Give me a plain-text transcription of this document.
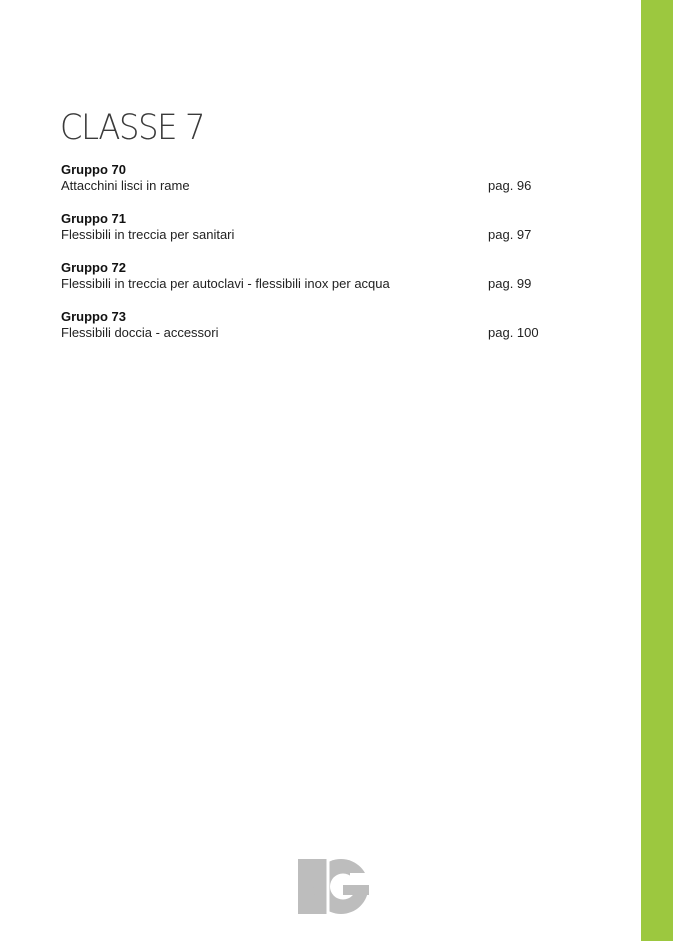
CLASSE 7
Gruppo 70
Attacchini lisci in rame	pag. 96
Gruppo 71
Flessibili in treccia per sanitari	pag. 97
Gruppo 72
Flessibili in treccia per autoclavi - flessibili inox per acqua	pag. 99
Gruppo 73
Flessibili doccia - accessori	pag. 100
